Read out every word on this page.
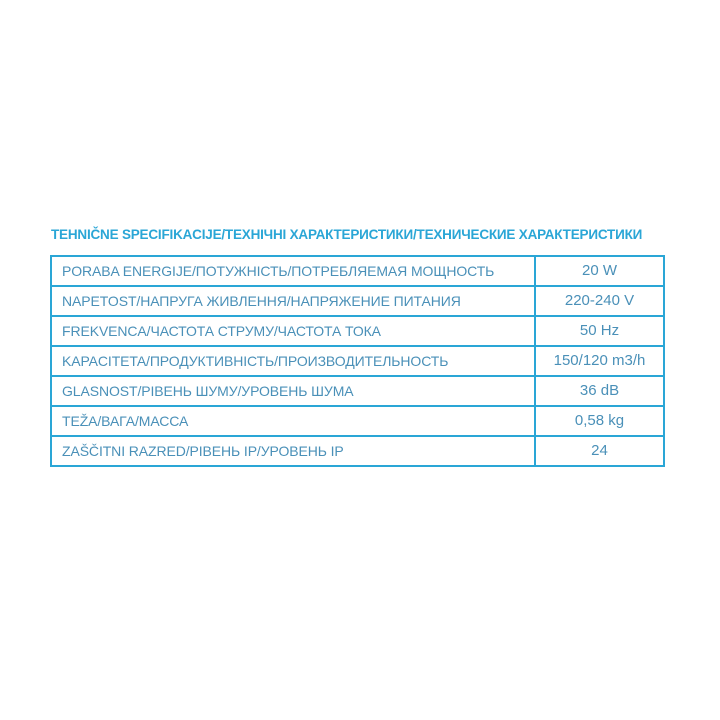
TEHNIČNE SPECIFIKACIJE/ТЕХНІЧНІ ХАРАКТЕРИСТИКИ/ТЕХНИЧЕСКИЕ ХАРАКТЕРИСТИКИ
PORABA ENERGIJE/ПОТУЖНІСТЬ/ПОТРЕБЛЯЕМАЯ МОЩНОСТЬ	20 W
NAPETOST/НАПРУГА ЖИВЛЕННЯ/НАПРЯЖЕНИЕ ПИТАНИЯ	220-240 V
FREKVENCA/ЧАСТОТА СТРУМУ/ЧАСТОТА ТОКА	50 Hz
KAPACITETA/ПРОДУКТИВНІСТЬ/ПРОИЗВОДИТЕЛЬНОСТЬ	150/120 m3/h
GLASNOST/РІВЕНЬ ШУМУ/УРОВЕНЬ ШУМА	36 dB
TEŽA/ВАГА/МАССА	0,58 kg
ZAŠČITNI RAZRED/РІВЕНЬ IP/УРОВЕНЬ IP	24
